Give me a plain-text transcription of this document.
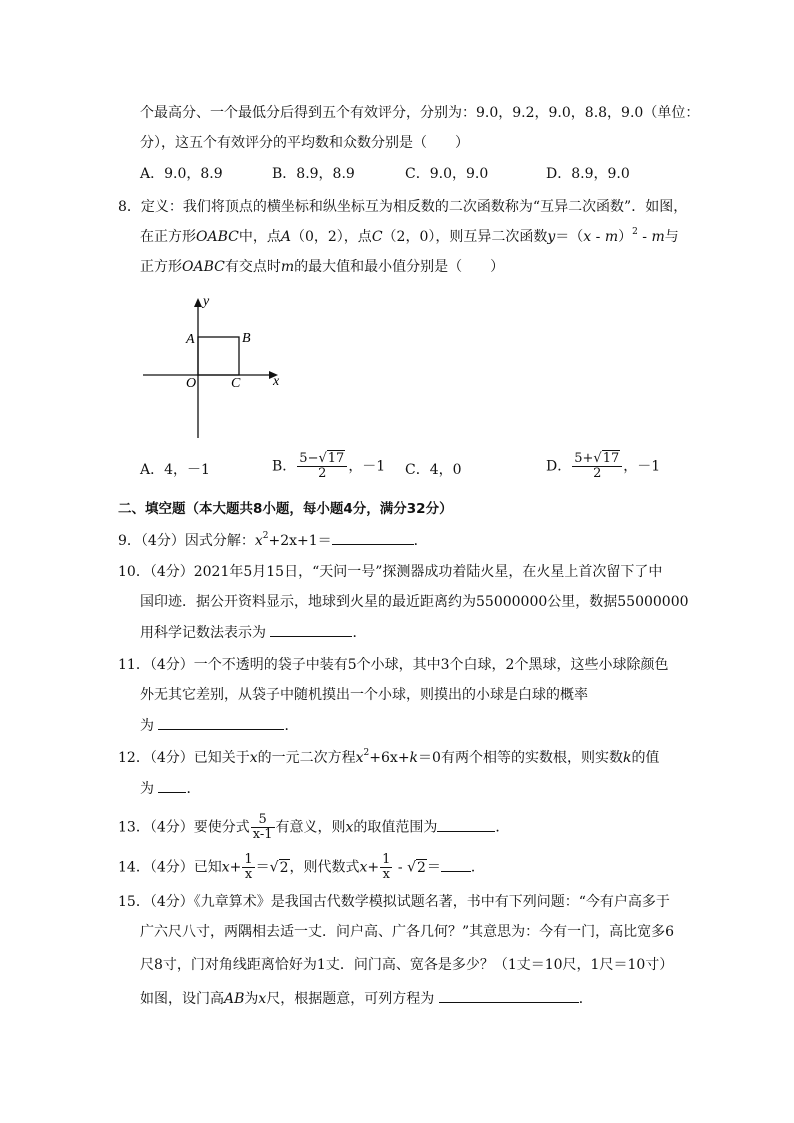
个最高分、一个最低分后得到五个有效评分，分别为：9.0，9.2，9.0，8.8，9.0（单位：
分），这五个有效评分的平均数和众数分别是（　　）
A．9.0，8.9	B．8.9，8.9	C．9.0，9.0	D．8.9，9.0
8．定义：我们将顶点的横坐标和纵坐标互为相反数的二次函数称为“互异二次函数”．如图，
在正方形OABC中，点A（0，2），点C（2，0），则互异二次函数y＝（x - m）$^2$ - m与
正方形OABC有交点时m的最大值和最小值分别是（　　）
y
x
A	B
O C
A．4，－1	B． $\frac{5-√17}{2}$ ，－1 C．4，0	D． $\frac{5+√17}{2}$ ，－1
二、填空题（本大题共8小题，每小题4分，满分32分）
9．（4分）因式分解：$x^2+2x+1=$	．
10．（4分）2021年5月15日，“天问一号”探测器成功着陆火星，在火星上首次留下了中
国印迹．据公开资料显示，地球到火星的最近距离约为55000000公里，数据55000000
用科学记数法表示为	．
11．（4分）一个不透明的袋子中装有5个小球，其中3个白球，2个黑球，这些小球除颜色
外无其它差别，从袋子中随机摸出一个小球，则摸出的小球是白球的概率
为	．
12．（4分）已知关于x的一元二次方程$x^2+6x+k=0$有两个相等的实数根，则实数k的值
为 ．
13．（4分）要使分式 $\frac{5}{x-1}$ 有意义，则x的取值范围为	．
14．（4分）已知$x+ \frac{1}{x} =√2$，则代数式$x+ \frac{1}{x} - √2=$ ．
15．（4分）《九章算术》是我国古代数学模拟试题名著，书中有下列问题：“今有户高多于
广六尺八寸，两隅相去适一丈．问户高、广各几何？”其意思为：今有一门，高比宽多6
尺8寸，门对角线距离恰好为1丈．问门高、宽各是多少？（1丈＝10尺，1尺＝10寸）
如图，设门高AB为x尺，根据题意，可列方程为	．
